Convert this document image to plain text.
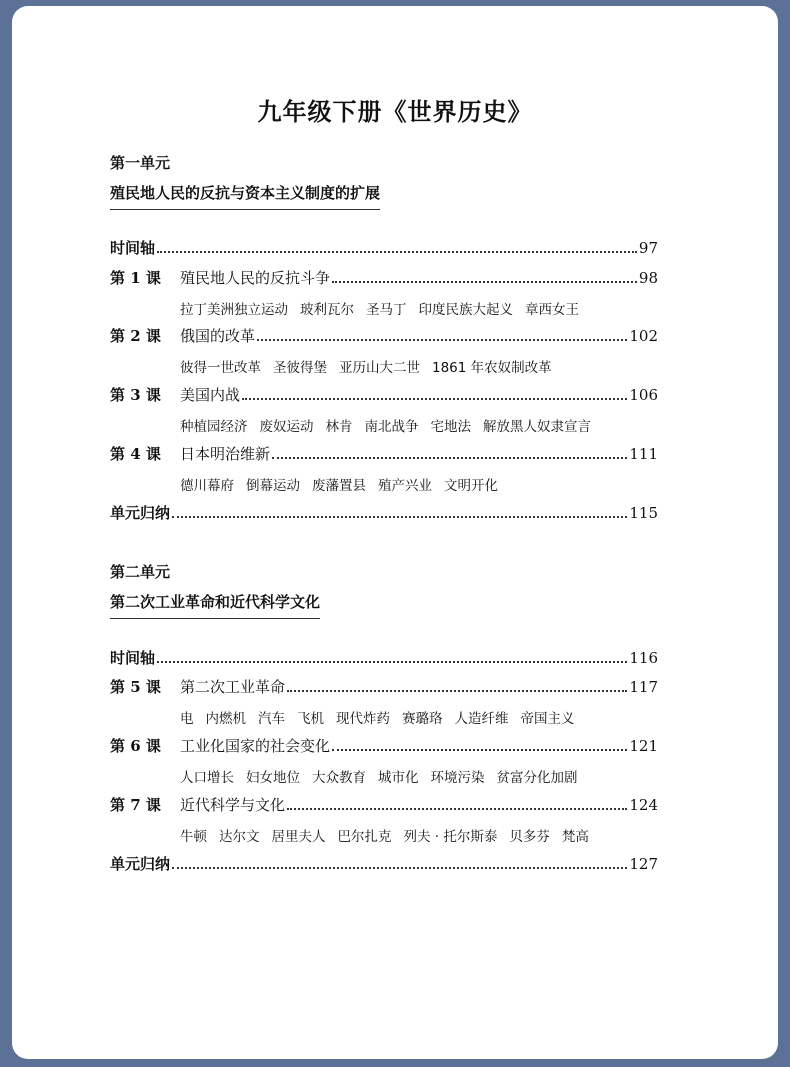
九年级下册《世界历史》
第一单元
殖民地人民的反抗与资本主义制度的扩展
时间轴	97
第 1 课	殖民地人民的反抗斗争	98
拉丁美洲独立运动 玻利瓦尔 圣马丁 印度民族大起义 章西女王
第 2 课	俄国的改革	102
彼得一世改革 圣彼得堡 亚历山大二世 1861 年农奴制改革
第 3 课	美国内战	106
种植园经济 废奴运动 林肯 南北战争 宅地法 解放黑人奴隶宣言
第 4 课	日本明治维新	111
德川幕府 倒幕运动 废藩置县 殖产兴业 文明开化
单元归纳	115
第二单元
第二次工业革命和近代科学文化
时间轴	116
第 5 课	第二次工业革命	117
电 内燃机 汽车 飞机 现代炸药 赛璐珞 人造纤维 帝国主义
第 6 课	工业化国家的社会变化	121
人口增长 妇女地位 大众教育 城市化 环境污染 贫富分化加剧
第 7 课	近代科学与文化	124
牛顿 达尔文 居里夫人 巴尔扎克 列夫 · 托尔斯泰 贝多芬 梵高
单元归纳	127
